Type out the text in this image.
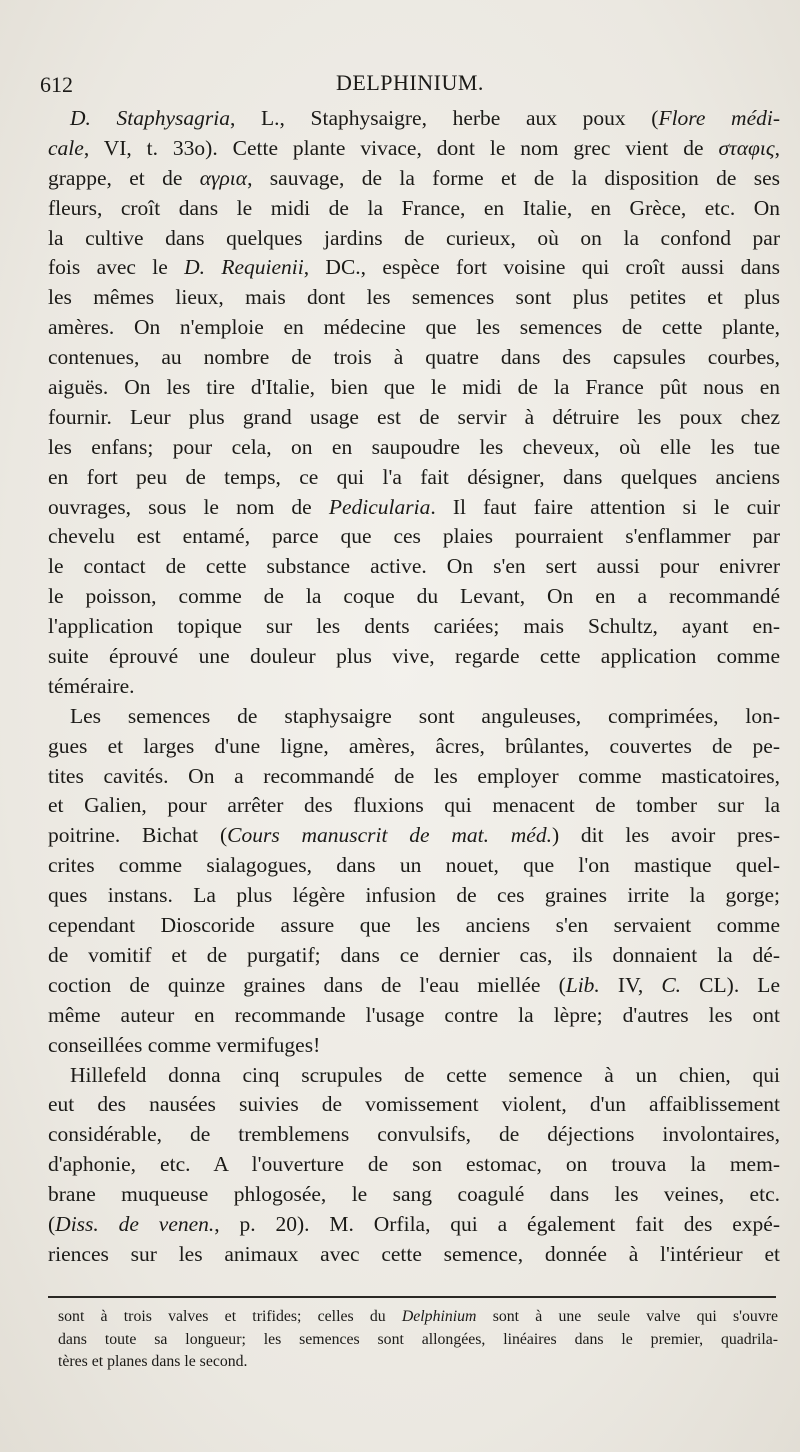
612	DELPHINIUM.
D. Staphysagria, L., Staphysaigre, herbe aux poux (Flore médi-
cale, VI, t. 33o). Cette plante vivace, dont le nom grec vient de σταφις,
grappe, et de αγρια, sauvage, de la forme et de la disposition de ses
fleurs, croît dans le midi de la France, en Italie, en Grèce, etc. On
la cultive dans quelques jardins de curieux, où on la confond par
fois avec le D. Requienii, DC., espèce fort voisine qui croît aussi dans
les mêmes lieux, mais dont les semences sont plus petites et plus
amères. On n'emploie en médecine que les semences de cette plante,
contenues, au nombre de trois à quatre dans des capsules courbes,
aiguës. On les tire d'Italie, bien que le midi de la France pût nous en
fournir. Leur plus grand usage est de servir à détruire les poux chez
les enfans; pour cela, on en saupoudre les cheveux, où elle les tue
en fort peu de temps, ce qui l'a fait désigner, dans quelques anciens
ouvrages, sous le nom de Pedicularia. Il faut faire attention si le cuir
chevelu est entamé, parce que ces plaies pourraient s'enflammer par
le contact de cette substance active. On s'en sert aussi pour enivrer
le poisson, comme de la coque du Levant, On en a recommandé
l'application topique sur les dents cariées; mais Schultz, ayant en-
suite éprouvé une douleur plus vive, regarde cette application comme
téméraire.
Les semences de staphysaigre sont anguleuses, comprimées, lon-
gues et larges d'une ligne, amères, âcres, brûlantes, couvertes de pe-
tites cavités. On a recommandé de les employer comme masticatoires,
et Galien, pour arrêter des fluxions qui menacent de tomber sur la
poitrine. Bichat (Cours manuscrit de mat. méd.) dit les avoir pres-
crites comme sialagogues, dans un nouet, que l'on mastique quel-
ques instans. La plus légère infusion de ces graines irrite la gorge;
cependant Dioscoride assure que les anciens s'en servaient comme
de vomitif et de purgatif; dans ce dernier cas, ils donnaient la dé-
coction de quinze graines dans de l'eau miellée (Lib. IV, C. CL). Le
même auteur en recommande l'usage contre la lèpre; d'autres les ont
conseillées comme vermifuges!
Hillefeld donna cinq scrupules de cette semence à un chien, qui
eut des nausées suivies de vomissement violent, d'un affaiblissement
considérable, de tremblemens convulsifs, de déjections involontaires,
d'aphonie, etc. A l'ouverture de son estomac, on trouva la mem-
brane muqueuse phlogosée, le sang coagulé dans les veines, etc.
(Diss. de venen., p. 20). M. Orfila, qui a également fait des expé-
riences sur les animaux avec cette semence, donnée à l'intérieur et
sont à trois valves et trifides; celles du Delphinium sont à une seule valve qui s'ouvre
dans toute sa longueur; les semences sont allongées, linéaires dans le premier, quadrila-
tères et planes dans le second.
